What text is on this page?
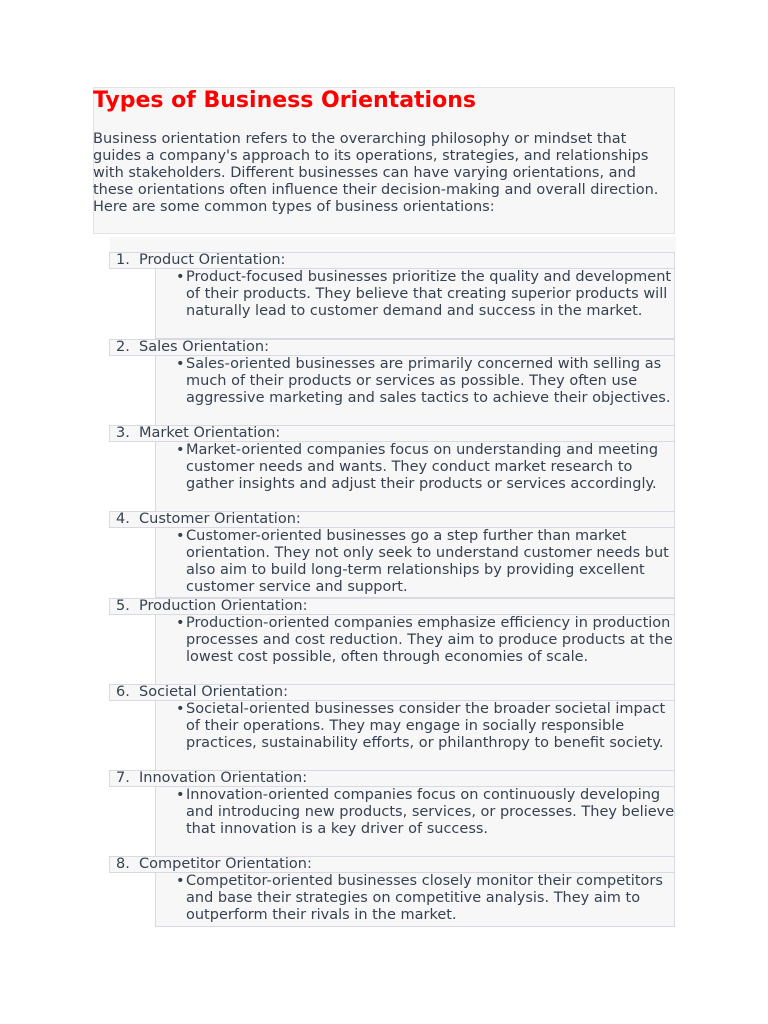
Types of Business Orientations

Business orientation refers to the overarching philosophy or mindset that guides a company's approach to its operations, strategies, and relationships with stakeholders. Different businesses can have varying orientations, and these orientations often influence their decision-making and overall direction. Here are some common types of business orientations:

1. Product Orientation:
• Product-focused businesses prioritize the quality and development of their products. They believe that creating superior products will naturally lead to customer demand and success in the market.
2. Sales Orientation:
• Sales-oriented businesses are primarily concerned with selling as much of their products or services as possible. They often use aggressive marketing and sales tactics to achieve their objectives.
3. Market Orientation:
• Market-oriented companies focus on understanding and meeting customer needs and wants. They conduct market research to gather insights and adjust their products or services accordingly.
4. Customer Orientation:
• Customer-oriented businesses go a step further than market orientation. They not only seek to understand customer needs but also aim to build long-term relationships by providing excellent customer service and support.
5. Production Orientation:
• Production-oriented companies emphasize efficiency in production processes and cost reduction. They aim to produce products at the lowest cost possible, often through economies of scale.
6. Societal Orientation:
• Societal-oriented businesses consider the broader societal impact of their operations. They may engage in socially responsible practices, sustainability efforts, or philanthropy to benefit society.
7. Innovation Orientation:
• Innovation-oriented companies focus on continuously developing and introducing new products, services, or processes. They believe that innovation is a key driver of success.
8. Competitor Orientation:
• Competitor-oriented businesses closely monitor their competitors and base their strategies on competitive analysis. They aim to outperform their rivals in the market.
